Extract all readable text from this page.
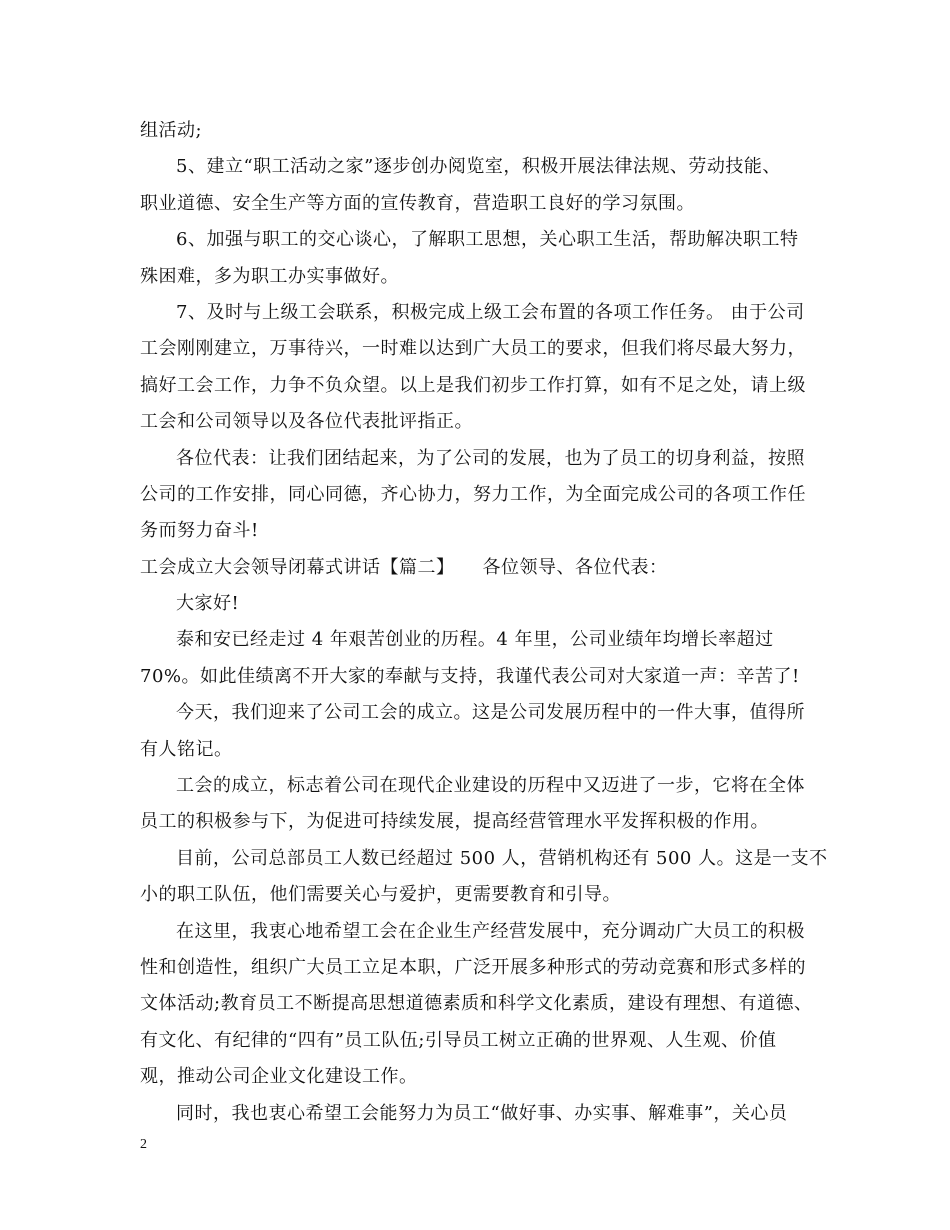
组活动;
5、建立“职工活动之家”逐步创办阅览室，积极开展法律法规、劳动技能、
职业道德、安全生产等方面的宣传教育，营造职工良好的学习氛围。
6、加强与职工的交心谈心，了解职工思想，关心职工生活，帮助解决职工特
殊困难，多为职工办实事做好。
7、及时与上级工会联系，积极完成上级工会布置的各项工作任务。 由于公司
工会刚刚建立，万事待兴，一时难以达到广大员工的要求，但我们将尽最大努力，
搞好工会工作，力争不负众望。以上是我们初步工作打算，如有不足之处，请上级
工会和公司领导以及各位代表批评指正。
各位代表：让我们团结起来，为了公司的发展，也为了员工的切身利益，按照
公司的工作安排，同心同德，齐心协力，努力工作，为全面完成公司的各项工作任
务而努力奋斗!
工会成立大会领导闭幕式讲话【篇二】　　各位领导、各位代表：
大家好!
泰和安已经走过 4 年艰苦创业的历程。4 年里，公司业绩年均增长率超过
70%。如此佳绩离不开大家的奉献与支持，我谨代表公司对大家道一声：辛苦了!
今天，我们迎来了公司工会的成立。这是公司发展历程中的一件大事，值得所
有人铭记。
工会的成立，标志着公司在现代企业建设的历程中又迈进了一步，它将在全体
员工的积极参与下，为促进可持续发展，提高经营管理水平发挥积极的作用。
目前，公司总部员工人数已经超过 500 人，营销机构还有 500 人。这是一支不
小的职工队伍，他们需要关心与爱护，更需要教育和引导。
在这里，我衷心地希望工会在企业生产经营发展中，充分调动广大员工的积极
性和创造性，组织广大员工立足本职，广泛开展多种形式的劳动竞赛和形式多样的
文体活动;教育员工不断提高思想道德素质和科学文化素质，建设有理想、有道德、
有文化、有纪律的“四有”员工队伍;引导员工树立正确的世界观、人生观、价值
观，推动公司企业文化建设工作。
同时，我也衷心希望工会能努力为员工“做好事、办实事、解难事”，关心员
2
